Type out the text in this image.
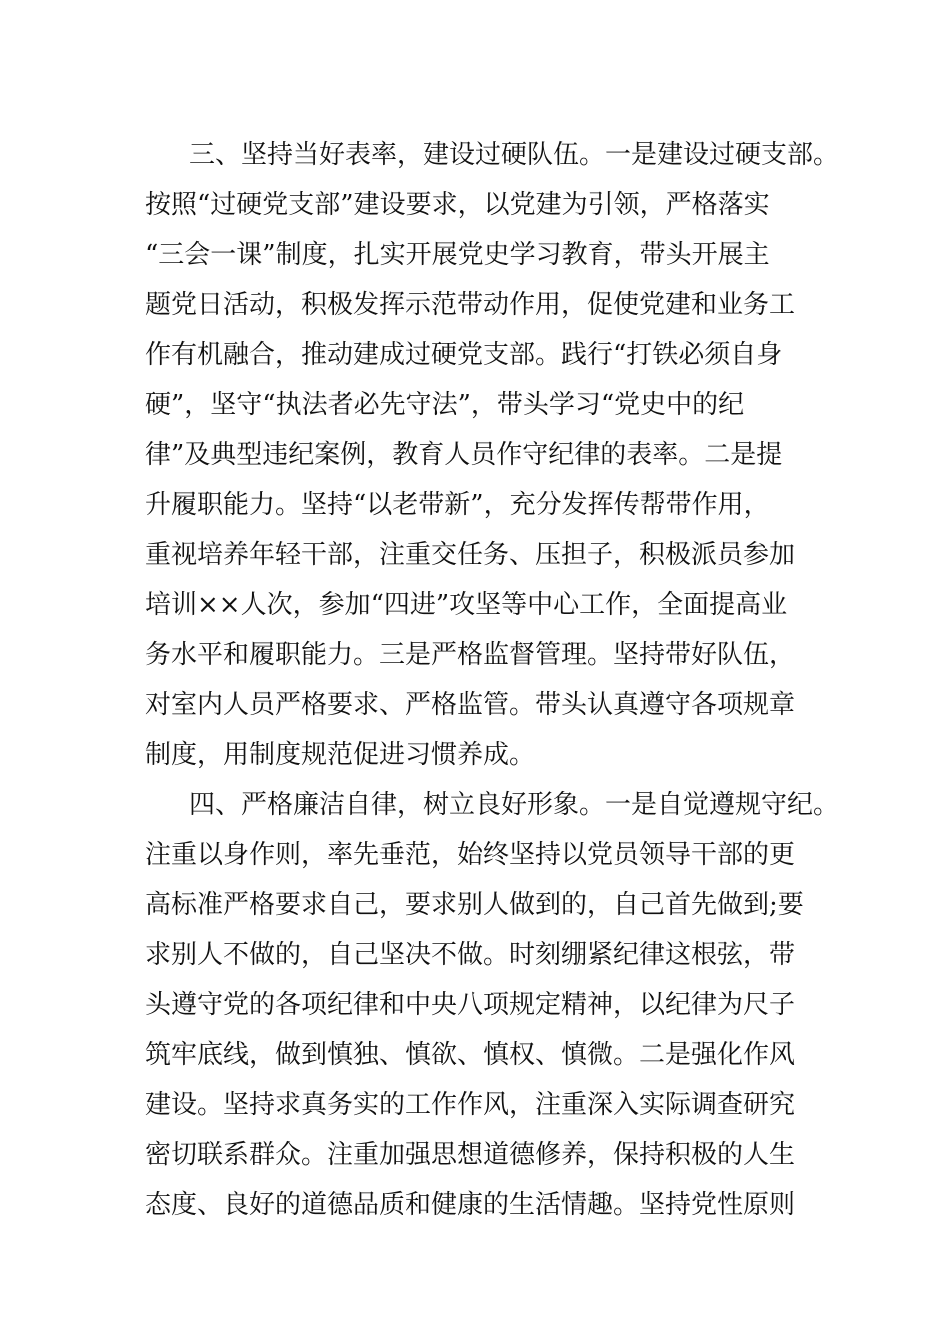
三、坚持当好表率，建设过硬队伍。一是建设过硬支部。
按照“过硬党支部”建设要求，以党建为引领，严格落实
“三会一课”制度，扎实开展党史学习教育，带头开展主
题党日活动，积极发挥示范带动作用，促使党建和业务工
作有机融合，推动建成过硬党支部。践行“打铁必须自身
硬”，坚守“执法者必先守法”，带头学习“党史中的纪
律”及典型违纪案例，教育人员作守纪律的表率。二是提
升履职能力。坚持“以老带新”，充分发挥传帮带作用，
重视培养年轻干部，注重交任务、压担子，积极派员参加
培训××人次，参加“四进”攻坚等中心工作，全面提高业
务水平和履职能力。三是严格监督管理。坚持带好队伍，
对室内人员严格要求、严格监管。带头认真遵守各项规章
制度，用制度规范促进习惯养成。
四、严格廉洁自律，树立良好形象。一是自觉遵规守纪。
注重以身作则，率先垂范，始终坚持以党员领导干部的更
高标准严格要求自己，要求别人做到的，自己首先做到;要
求别人不做的，自己坚决不做。时刻绷紧纪律这根弦，带
头遵守党的各项纪律和中央八项规定精神，以纪律为尺子
筑牢底线，做到慎独、慎欲、慎权、慎微。二是强化作风
建设。坚持求真务实的工作作风，注重深入实际调查研究
密切联系群众。注重加强思想道德修养，保持积极的人生
态度、良好的道德品质和健康的生活情趣。坚持党性原则
